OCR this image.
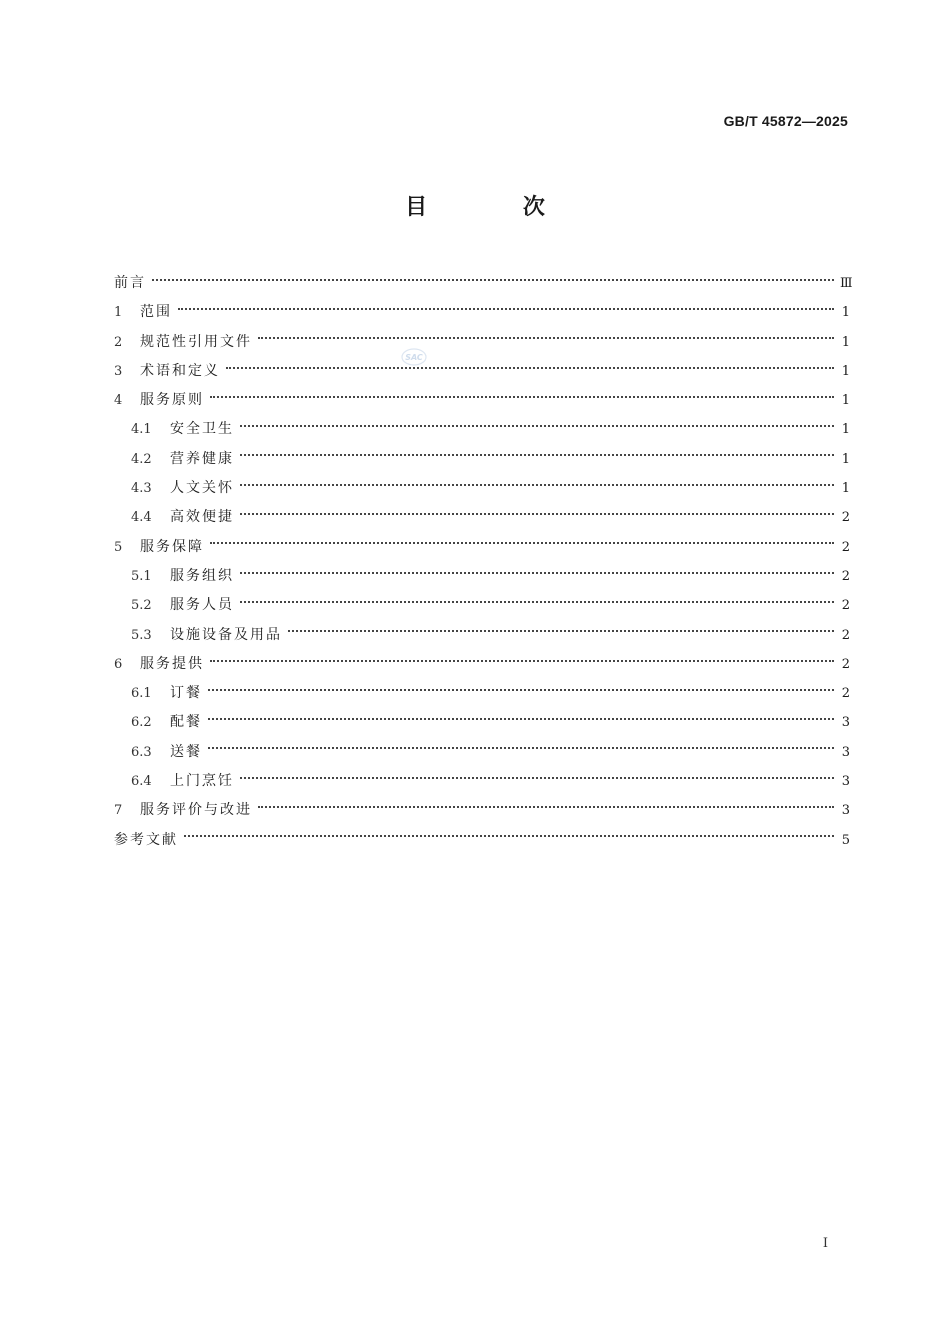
GB/T 45872—2025
目 次
SAC
前言	Ⅲ
1	范围	1
2	规范性引用文件	1
3	术语和定义	1
4	服务原则	1
4.1	安全卫生	1
4.2	营养健康	1
4.3	人文关怀	1
4.4	高效便捷	2
5	服务保障	2
5.1	服务组织	2
5.2	服务人员	2
5.3	设施设备及用品	2
6	服务提供	2
6.1	订餐	2
6.2	配餐	3
6.3	送餐	3
6.4	上门烹饪	3
7	服务评价与改进	3
参考文献	5
I
